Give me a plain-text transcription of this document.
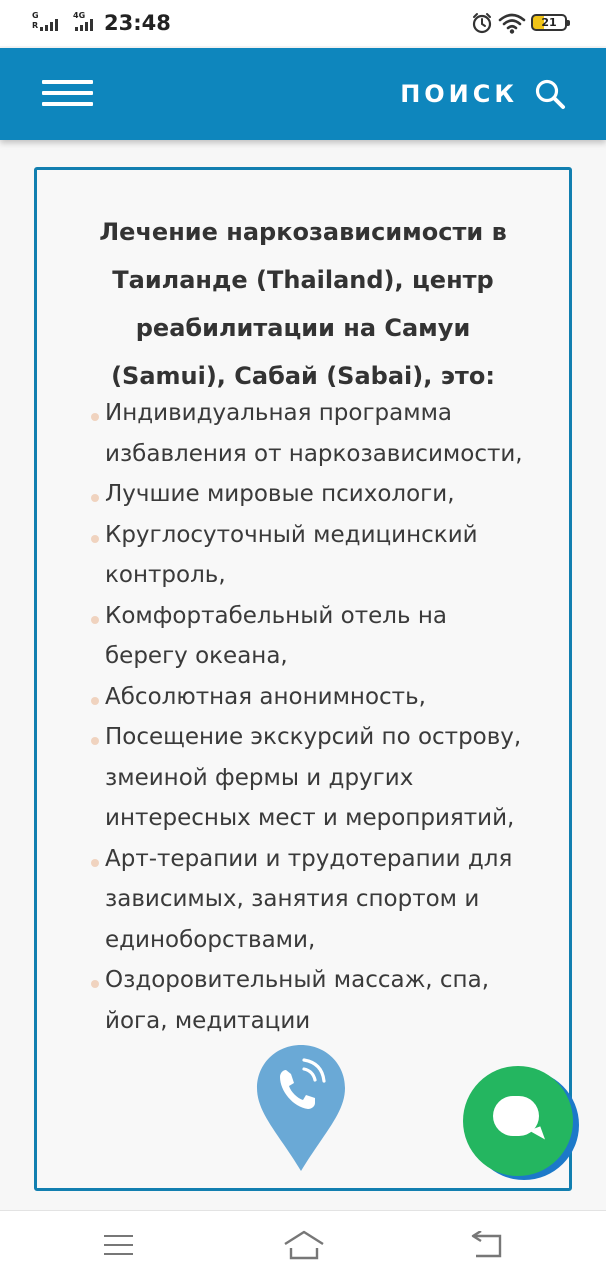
G
R
4G 23:48	21
ПОИСК
Лечение наркозависимости в Таиланде (Thailand), центр реабилитации на Самуи (Samui), Сабай (Sabai), это:
Индивидуальная программа избавления от наркозависимости,
Лучшие мировые психологи,
Круглосуточный медицинский контроль,
Комфортабельный отель на берегу океана,
Абсолютная анонимность,
Посещение экскурсий по острову, змеиной фермы и других интересных мест и мероприятий,
Арт-терапии и трудотерапии для зависимых, занятия спортом и единоборствами,
Оздоровительный массаж, спа, йога, медитации
